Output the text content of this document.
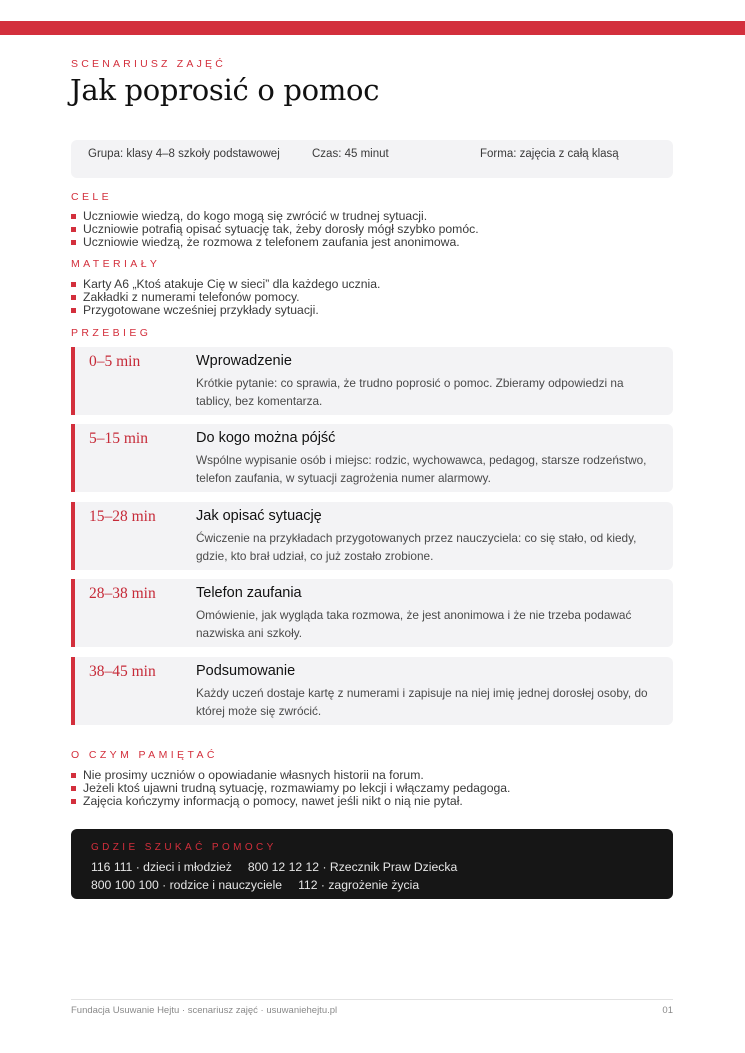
SCENARIUSZ ZAJĘĆ
Jak poprosić o pomoc
Grupa: klasy 4–8 szkoły podstawowej	Czas: 45 minut	Forma: zajęcia z całą klasą
CELE
Uczniowie wiedzą, do kogo mogą się zwrócić w trudnej sytuacji.
Uczniowie potrafią opisać sytuację tak, żeby dorosły mógł szybko pomóc.
Uczniowie wiedzą, że rozmowa z telefonem zaufania jest anonimowa.
MATERIAŁY
Karty A6 „Ktoś atakuje Cię w sieci” dla każdego ucznia.
Zakładki z numerami telefonów pomocy.
Przygotowane wcześniej przykłady sytuacji.
PRZEBIEG
0–5 min	Wprowadzenie
Krótkie pytanie: co sprawia, że trudno poprosić o pomoc. Zbieramy odpowiedzi na tablicy, bez komentarza.
5–15 min	Do kogo można pójść
Wspólne wypisanie osób i miejsc: rodzic, wychowawca, pedagog, starsze rodzeństwo, telefon zaufania, w sytuacji zagrożenia numer alarmowy.
15–28 min	Jak opisać sytuację
Ćwiczenie na przykładach przygotowanych przez nauczyciela: co się stało, od kiedy, gdzie, kto brał udział, co już zostało zrobione.
28–38 min	Telefon zaufania
Omówienie, jak wygląda taka rozmowa, że jest anonimowa i że nie trzeba podawać nazwiska ani szkoły.
38–45 min	Podsumowanie
Każdy uczeń dostaje kartę z numerami i zapisuje na niej imię jednej dorosłej osoby, do której może się zwrócić.
O CZYM PAMIĘTAĆ
Nie prosimy uczniów o opowiadanie własnych historii na forum.
Jeżeli ktoś ujawni trudną sytuację, rozmawiamy po lekcji i włączamy pedagoga.
Zajęcia kończymy informacją o pomocy, nawet jeśli nikt o nią nie pytał.
GDZIE SZUKAĆ POMOCY
116 111 · dzieci i młodzież 800 12 12 12 · Rzecznik Praw Dziecka
800 100 100 · rodzice i nauczyciele 112 · zagrożenie życia
Fundacja Usuwanie Hejtu · scenariusz zajęć · usuwaniehejtu.pl	01
